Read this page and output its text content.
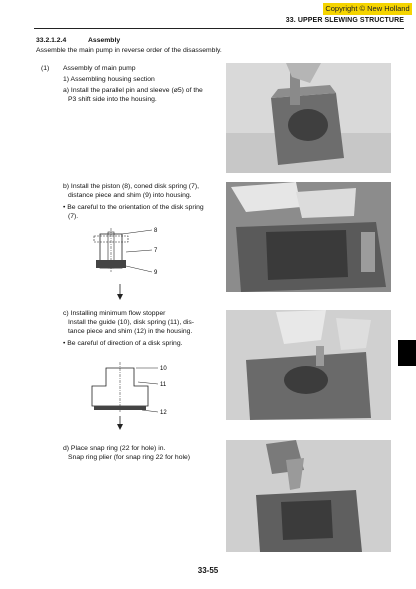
Copyright © New Holland
33. UPPER SLEWING STRUCTURE
33.2.1.2.4	Assembly
Assemble the main pump in reverse order of the disassembly.
(1) Assembly of main pump
1) Assembling housing section
a) Install the parallel pin and sleeve (ø5) of the
P3 shift side into the housing.
b) Install the piston (8), coned disk spring (7),
distance piece and shim (9) into housing.
• Be careful to the orientation of the disk spring
(7).
8
7
9
c) Installing minimum flow stopper
Install the guide (10), disk spring (11), dis-
tance piece and shim (12) in the housing.
• Be careful of direction of a disk spring.
10
11
12
d) Place snap ring (22 for hole) in.
Snap ring plier (for snap ring 22 for hole)
33-55
